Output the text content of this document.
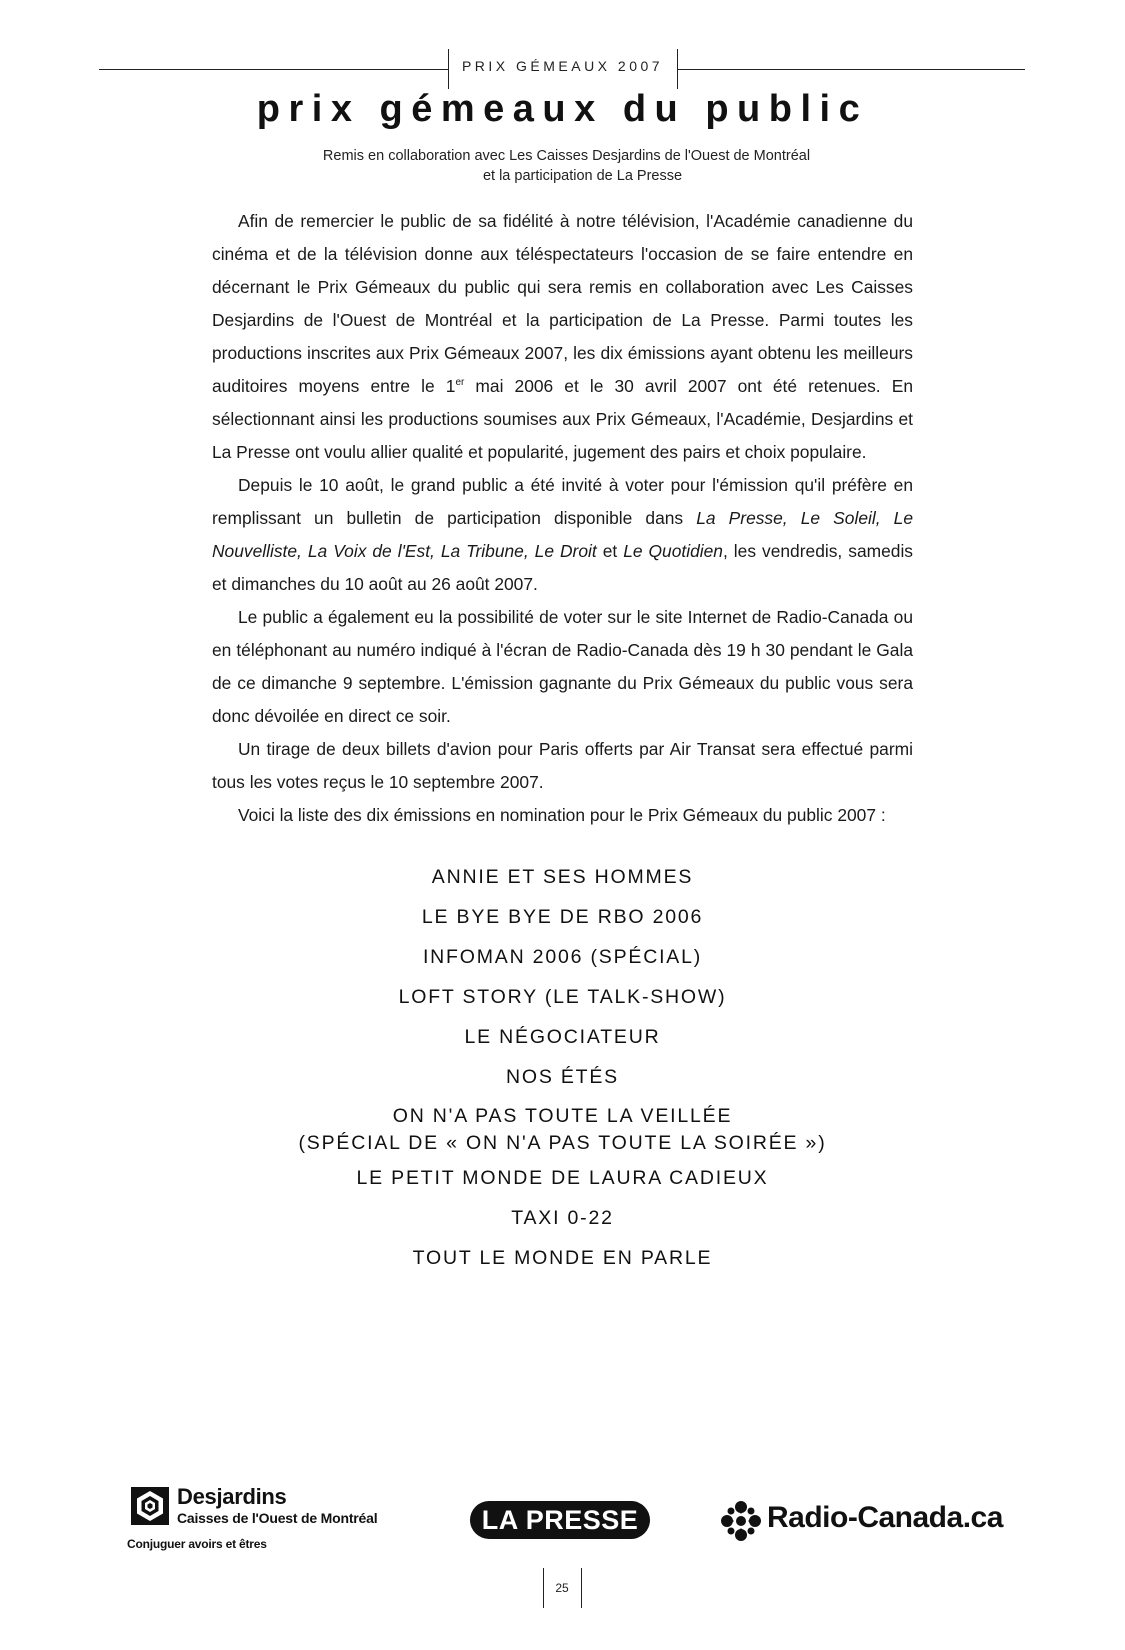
PRIX GÉMEAUX 2007
prix gémeaux du public
Remis en collaboration avec Les Caisses Desjardins de l'Ouest de Montréal
et la participation de La Presse

Afin de remercier le public de sa fidélité à notre télévision, l'Académie canadienne du cinéma et de la télévision donne aux téléspectateurs l'occasion de se faire entendre en décernant le Prix Gémeaux du public qui sera remis en collaboration avec Les Caisses Desjardins de l'Ouest de Montréal et la participation de La Presse. Parmi toutes les productions inscrites aux Prix Gémeaux 2007, les dix émissions ayant obtenu les meilleurs auditoires moyens entre le 1er mai 2006 et le 30 avril 2007 ont été retenues. En sélectionnant ainsi les productions soumises aux Prix Gémeaux, l'Académie, Desjardins et La Presse ont voulu allier qualité et popularité, jugement des pairs et choix populaire.

Depuis le 10 août, le grand public a été invité à voter pour l'émission qu'il préfère en remplissant un bulletin de participation disponible dans La Presse, Le Soleil, Le Nouvelliste, La Voix de l'Est, La Tribune, Le Droit et Le Quotidien, les vendredis, samedis et dimanches du 10 août au 26 août 2007.

Le public a également eu la possibilité de voter sur le site Internet de Radio-Canada ou en téléphonant au numéro indiqué à l'écran de Radio-Canada dès 19 h 30 pendant le Gala de ce dimanche 9 septembre. L'émission gagnante du Prix Gémeaux du public vous sera donc dévoilée en direct ce soir.

Un tirage de deux billets d'avion pour Paris offerts par Air Transat sera effectué parmi tous les votes reçus le 10 septembre 2007.

Voici la liste des dix émissions en nomination pour le Prix Gémeaux du public 2007 :

ANNIE ET SES HOMMES
LE BYE BYE DE RBO 2006
INFOMAN 2006 (SPÉCIAL)
LOFT STORY (LE TALK-SHOW)
LE NÉGOCIATEUR
NOS ÉTÉS
ON N'A PAS TOUTE LA VEILLÉE
(SPÉCIAL DE « ON N'A PAS TOUTE LA SOIRÉE »)
LE PETIT MONDE DE LAURA CADIEUX
TAXI 0-22
TOUT LE MONDE EN PARLE
Desjardins
Caisses de l'Ouest de Montréal	LA PRESSE	Radio-Canada.ca
Conjuguer avoirs et êtres
25
